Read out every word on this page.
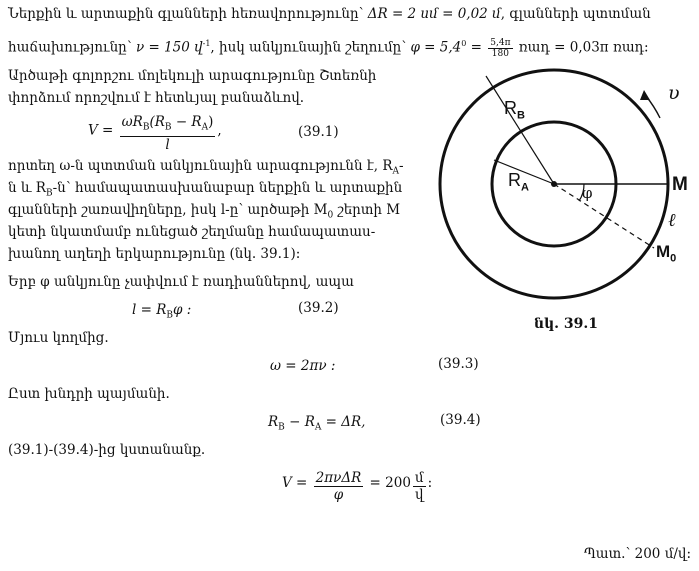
Ներքին և արտաքին գլանների հեռավորությունը՝ ΔR = 2 սմ = 0,02 մ, գլանների պտտման
հաճախությունը՝ ν = 150 վ$^{-1}$, իսկ անկյունային շեղումը՝ $\varphi = 5,4^0 = \frac{5,4\pi}{180}$ ռադ = 0,03π ռադ:
Արծաթի գոլորշու մոլեկուլի արագությունը Շտեռնի
փորձում որոշվում է հետևյալ բանաձևով.
$V = \frac{\omega R_B(R_B - R_A)}{l}$ ,	(39.1)
որտեղ ω-ն պտտման անկյունային արագությունն է, $R_A-$
ն և $R_B-ն՝$ համապատասխանաբար ներքին և արտաքին
գլանների շառավիղները, իսկ l-ը՝ արծաթի $M_0$ շերտի M
կետի նկատմամբ ունեցած շեղմանը համապատաս-
խանող աղեղի երկարությունը (նկ. 39.1):
Երբ φ անկյունը չափվում է ռադիաններով, ապա
$l = R_B\varphi$ :	(39.2)
Մյուս կողմից.
ω = 2πν :	(39.3)
Ըստ խնդրի պայմանի.
$R_B - R_A = \Delta R$,	(39.4)
(39.1)-(39.4)-ից կստանանք.
$V = \frac{\text{2πνΔR}}{\varphi} = 200 \frac{\text{մ}}{\text{վ}}$ :
Պատ.՝ 200 մ/վ:
$R_B$
$R_A$	φ	M
$M_0$
ℓ
υ
նկ. 39.1
